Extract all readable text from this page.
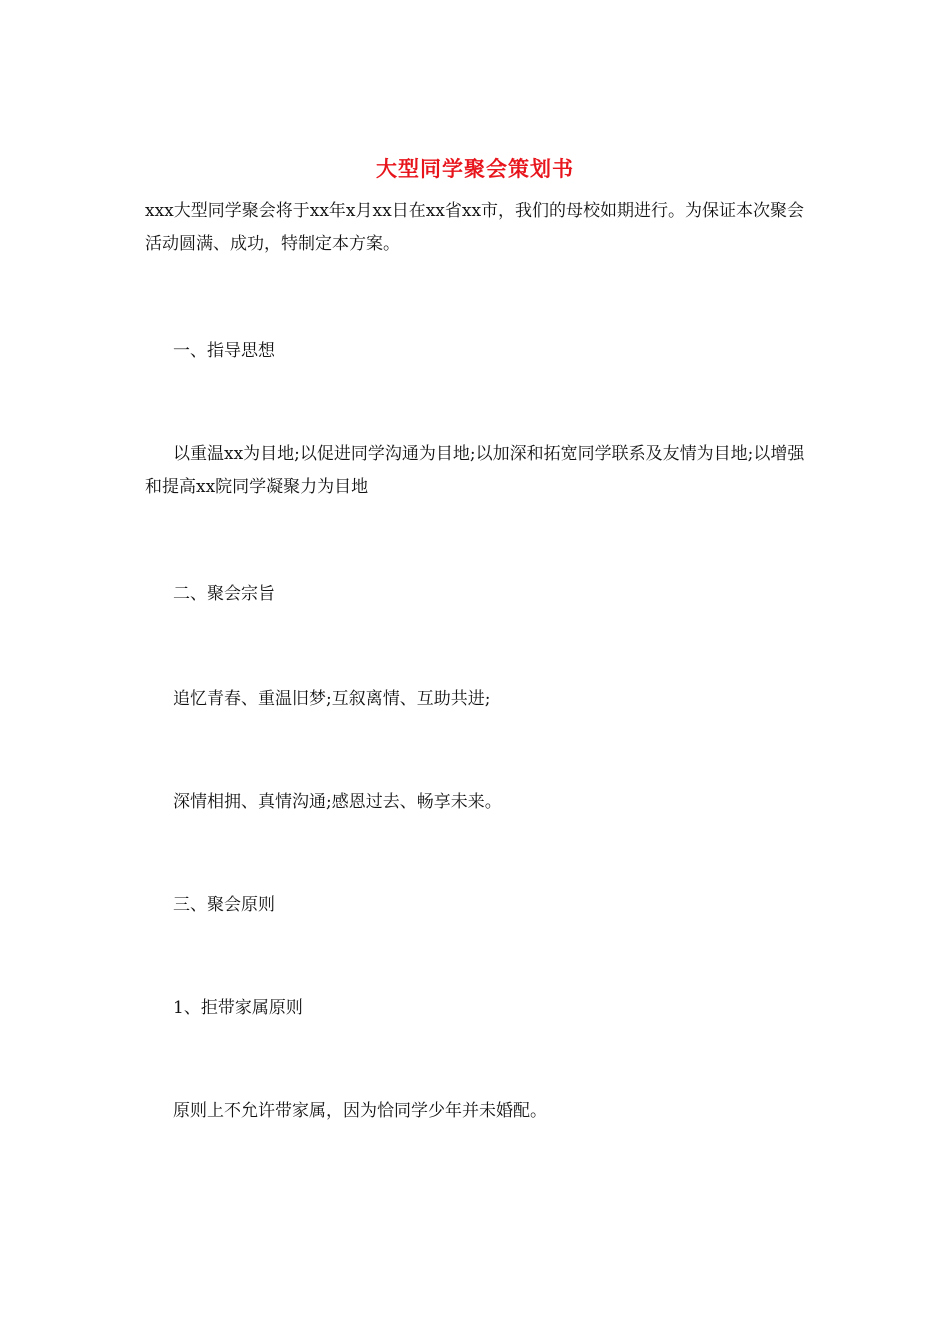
大型同学聚会策划书

xxx大型同学聚会将于xx年x月xx日在xx省xx市，我们的母校如期进行。为保证本次聚会活动圆满、成功，特制定本方案。

一、指导思想

以重温xx为目地;以促进同学沟通为目地;以加深和拓宽同学联系及友情为目地;以增强和提高xx院同学凝聚力为目地

二、聚会宗旨

追忆青春、重温旧梦;互叙离情、互助共进;

深情相拥、真情沟通;感恩过去、畅享未来。

三、聚会原则

1、拒带家属原则

原则上不允许带家属，因为恰同学少年并未婚配。
